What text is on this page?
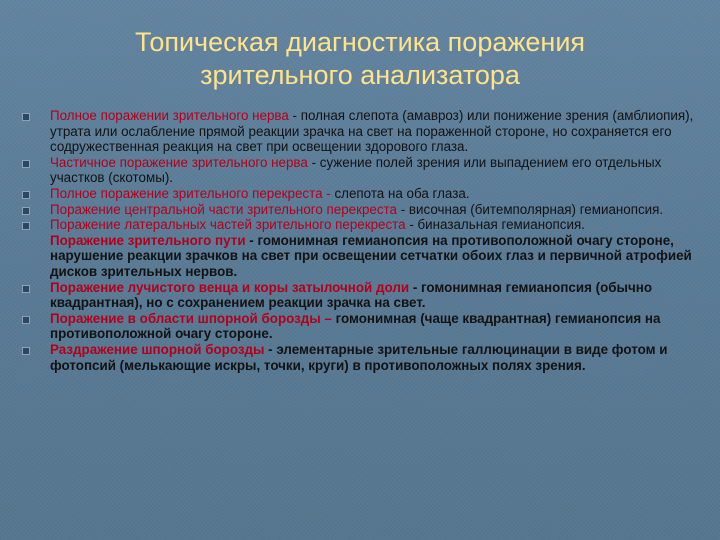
Топическая диагностика поражения
зрительного анализатора
Полное поражении зрительного нерва - полная слепота (амавроз) или понижение зрения (амблиопия), утрата или ослабление прямой реакции зрачка на свет на пораженной стороне, но сохраняется его содружественная реакция на свет при освещении здорового глаза.
Частичное поражение зрительного нерва - сужение полей зрения или выпадением его отдельных участков (скотомы).
Полное поражение зрительного перекреста - слепота на оба глаза.
Поражение центральной части зрительного перекреста - височная (битемполярная) гемианопсия.
Поражение латеральных частей зрительного перекреста - биназальная гемианопсия.
Поражение зрительного пути - гомонимная гемианопсия на противоположной очагу стороне, нарушение реакции зрачков на свет при освещении сетчатки обоих глаз и первичной атрофией дисков зрительных нервов.
Поражение лучистого венца и коры затылочной доли - гомонимная гемианопсия (обычно квадрантная), но с сохранением реакции зрачка на свет.
Поражение в области шпорной борозды – гомонимная (чаще квадрантная) гемианопсия на противоположной очагу стороне.
Раздражение шпорной борозды - элементарные зрительные галлюцинации в виде фотом и фотопсий (мелькающие искры, точки, круги) в противоположных полях зрения.
